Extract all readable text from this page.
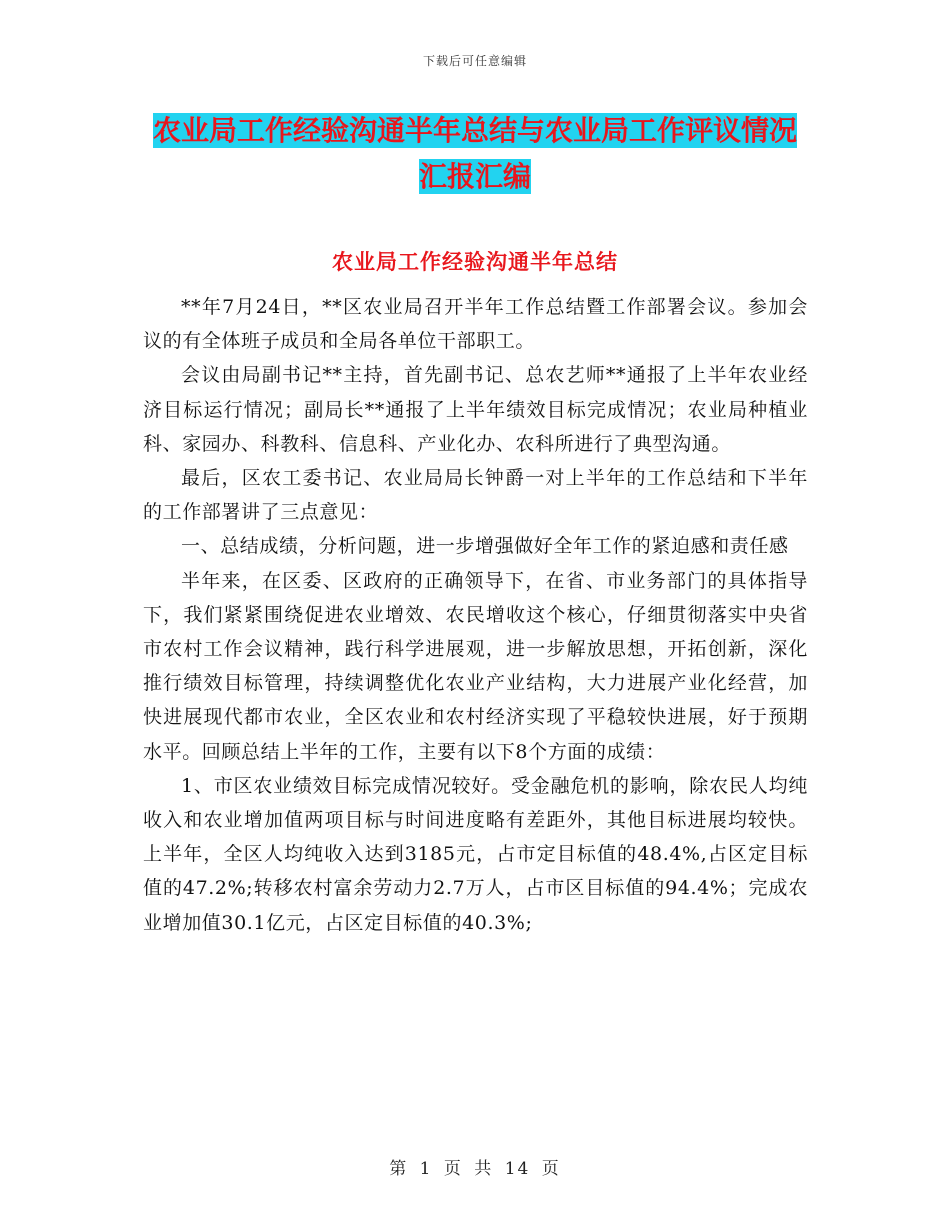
下载后可任意编辑
农业局工作经验沟通半年总结与农业局工作评议情况
汇报汇编
农业局工作经验沟通半年总结

**年7月24日，**区农业局召开半年工作总结暨工作部署会议。参加会议的有全体班子成员和全局各单位干部职工。

会议由局副书记**主持，首先副书记、总农艺师**通报了上半年农业经济目标运行情况；副局长**通报了上半年绩效目标完成情况；农业局种植业科、家园办、科教科、信息科、产业化办、农科所进行了典型沟通。

最后，区农工委书记、农业局局长钟爵一对上半年的工作总结和下半年的工作部署讲了三点意见：

一、总结成绩，分析问题，进一步增强做好全年工作的紧迫感和责任感

半年来，在区委、区政府的正确领导下，在省、市业务部门的具体指导下，我们紧紧围绕促进农业增效、农民增收这个核心，仔细贯彻落实中央省市农村工作会议精神，践行科学进展观，进一步解放思想，开拓创新，深化推行绩效目标管理，持续调整优化农业产业结构，大力进展产业化经营，加快进展现代都市农业，全区农业和农村经济实现了平稳较快进展，好于预期水平。回顾总结上半年的工作，主要有以下8个方面的成绩：

1、市区农业绩效目标完成情况较好。受金融危机的影响，除农民人均纯收入和农业增加值两项目标与时间进度略有差距外，其他目标进展均较快。上半年，全区人均纯收入达到3185元，占市定目标值的48.4%,占区定目标值的47.2%;转移农村富余劳动力2.7万人，占市区目标值的94.4%；完成农业增加值30.1亿元，占区定目标值的40.3%;

第 1 页 共 14 页
